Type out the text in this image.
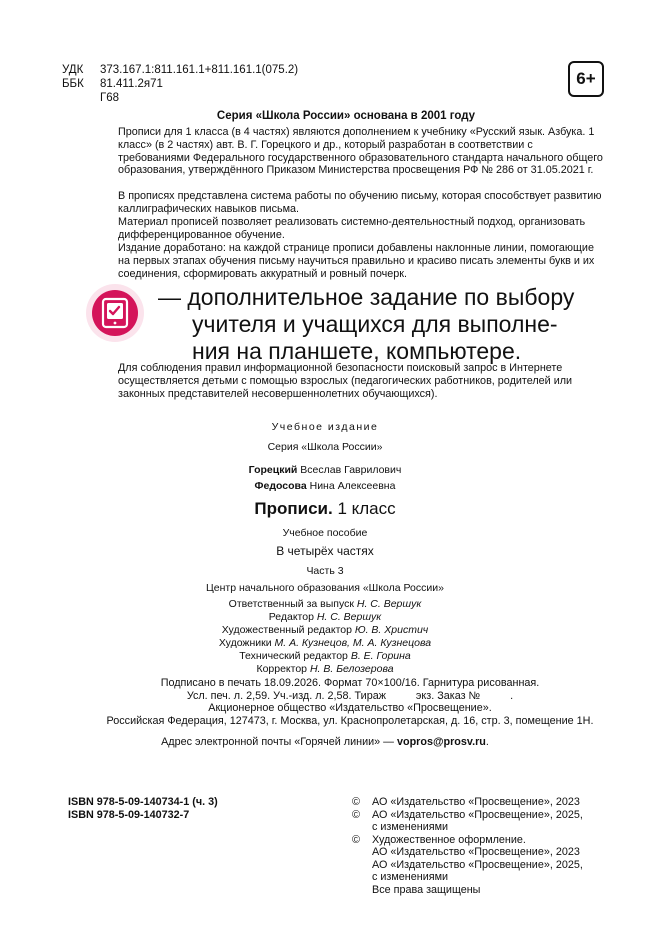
УДК	373.167.1:811.161.1+811.161.1(075.2)
ББК	81.411.2я71
Г68
6+
Серия «Школа России» основана в 2001 году

Прописи для 1 класса (в 4 частях) являются дополнением к учебнику «Русский язык. Азбука. 1 класс» (в 2 частях) авт. В. Г. Горецкого и др., который разработан в соответствии с требованиями Федерального государственного образовательного стандарта начального общего образования, утверждённого Приказом Министерства просвещения РФ № 286 от 31.05.2021 г.

В прописях представлена система работы по обучению письму, которая способствует развитию каллиграфических навыков письма.

Материал прописей позволяет реализовать системно-деятельностный подход, организовать дифференцированное обучение.

Издание доработано: на каждой странице прописи добавлены наклонные линии, помогающие на первых этапах обучения письму научиться правильно и красиво писать элементы букв и их соединения, сформировать аккуратный и ровный почерк.

— дополнительное задание по выбору
учителя и учащихся для выполне-
ния на планшете, компьютере.

Для соблюдения правил информационной безопасности поисковый запрос в Интернете осуществляется детьми с помощью взрослых (педагогических работников, родителей или законных представителей несовершеннолетних обучающихся).

Учебное издание
Серия «Школа России»
Горецкий Всеслав Гаврилович
Федосова Нина Алексеевна
Прописи. 1 класс
Учебное пособие
В четырёх частях
Часть 3
Центр начального образования «Школа России»
Ответственный за выпуск Н. С. Вершук
Редактор Н. С. Вершук
Художественный редактор Ю. В. Христич
Художники М. А. Кузнецов, М. А. Кузнецова
Технический редактор В. Е. Горина
Корректор Н. В. Белозерова
Подписано в печать 18.09.2026. Формат 70×100/16. Гарнитура рисованная.
Усл. печ. л. 2,59. Уч.-изд. л. 2,58. Тираж          экз. Заказ №          .
Акционерное общество «Издательство «Просвещение».
Российская Федерация, 127473, г. Москва, ул. Краснопролетарская, д. 16, стр. 3, помещение 1Н.
Адрес электронной почты «Горячей линии» — vopros@prosv.ru.
ISBN 978-5-09-140734-1 (ч. 3)
ISBN 978-5-09-140732-7
©	АО «Издательство «Просвещение», 2023
©	АО «Издательство «Просвещение», 2025,
с изменениями
©	Художественное оформление.
АО «Издательство «Просвещение», 2023
АО «Издательство «Просвещение», 2025,
с изменениями
Все права защищены
